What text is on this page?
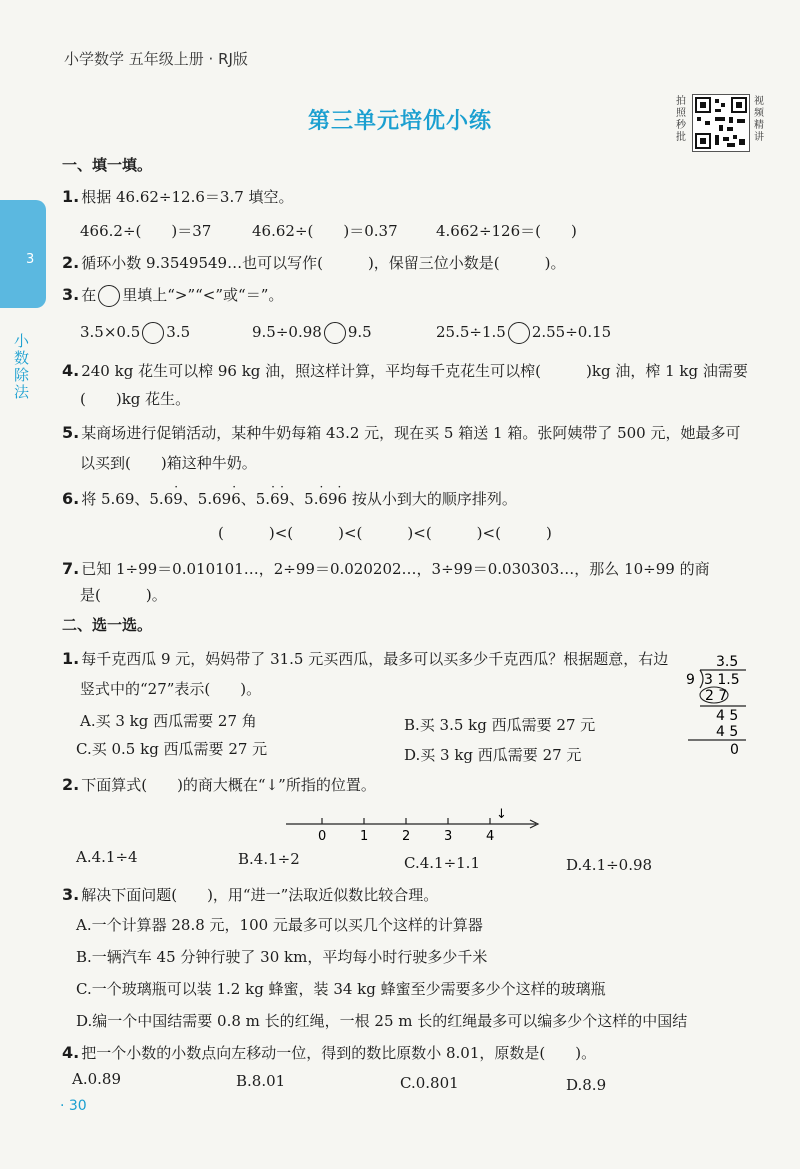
小学数学 五年级上册 · RJ版
第三单元培优小练
拍照秒批
视频精讲
3
小数除法
一、填一填。
1. 根据 46.62÷12.6＝3.7 填空。
466.2÷(　　)＝37	46.62÷(　　)＝0.37	4.662÷126＝(　　)
2. 循环小数 9.3549549…也可以写作(　　　)，保留三位小数是(　　　)。
3. 在 里填上“>”“<”或“＝”。
3.5×0.5 3.5	9.5÷0.98 9.5	25.5÷1.5 2.55÷0.15
4. 240 kg 花生可以榨 96 kg 油，照这样计算，平均每千克花生可以榨(　　　)kg 油，榨 1 kg 油需要
(　　)kg 花生。
5. 某商场进行促销活动，某种牛奶每箱 43.2 元，现在买 5 箱送 1 箱。张阿姨带了 500 元，她最多可
以买到(　　)箱这种牛奶。
6. 将 5.69、5.6
·
9、5.69
·
6、5.
· ·
69、5.
· ·
696 按从小到大的顺序排列。
(　　　)<(　　　)<(　　　)<(　　　)<(　　　)
7. 已知 1÷99＝0.010101…，2÷99＝0.020202…，3÷99＝0.030303…，那么 10÷99 的商
是(　　　)。
二、选一选。
1. 每千克西瓜 9 元，妈妈带了 31.5 元买西瓜，最多可以买多少千克西瓜？根据题意，右边
竖式中的“27”表示(　　)。
A.买 3 kg 西瓜需要 27 角	B.买 3.5 kg 西瓜需要 27 元
C.买 0.5 kg 西瓜需要 27 元	D.买 3 kg 西瓜需要 27 元
3.5
9 3 1.5
2 7
4 5
4 5
0
2. 下面算式(　　)的商大概在“↓”所指的位置。
0	1	2	3	4
↓
A.4.1÷4	B.4.1÷2	C.4.1÷1.1	D.4.1÷0.98
3. 解决下面问题(　　)，用“进一”法取近似数比较合理。
A.一个计算器 28.8 元，100 元最多可以买几个这样的计算器
B.一辆汽车 45 分钟行驶了 30 km，平均每小时行驶多少千米
C.一个玻璃瓶可以装 1.2 kg 蜂蜜，装 34 kg 蜂蜜至少需要多少个这样的玻璃瓶
D.编一个中国结需要 0.8 m 长的红绳，一根 25 m 长的红绳最多可以编多少个这样的中国结
4. 把一个小数的小数点向左移动一位，得到的数比原数小 8.01，原数是(　　)。
A.0.89	B.8.01	C.0.801	D.8.9
· 30
